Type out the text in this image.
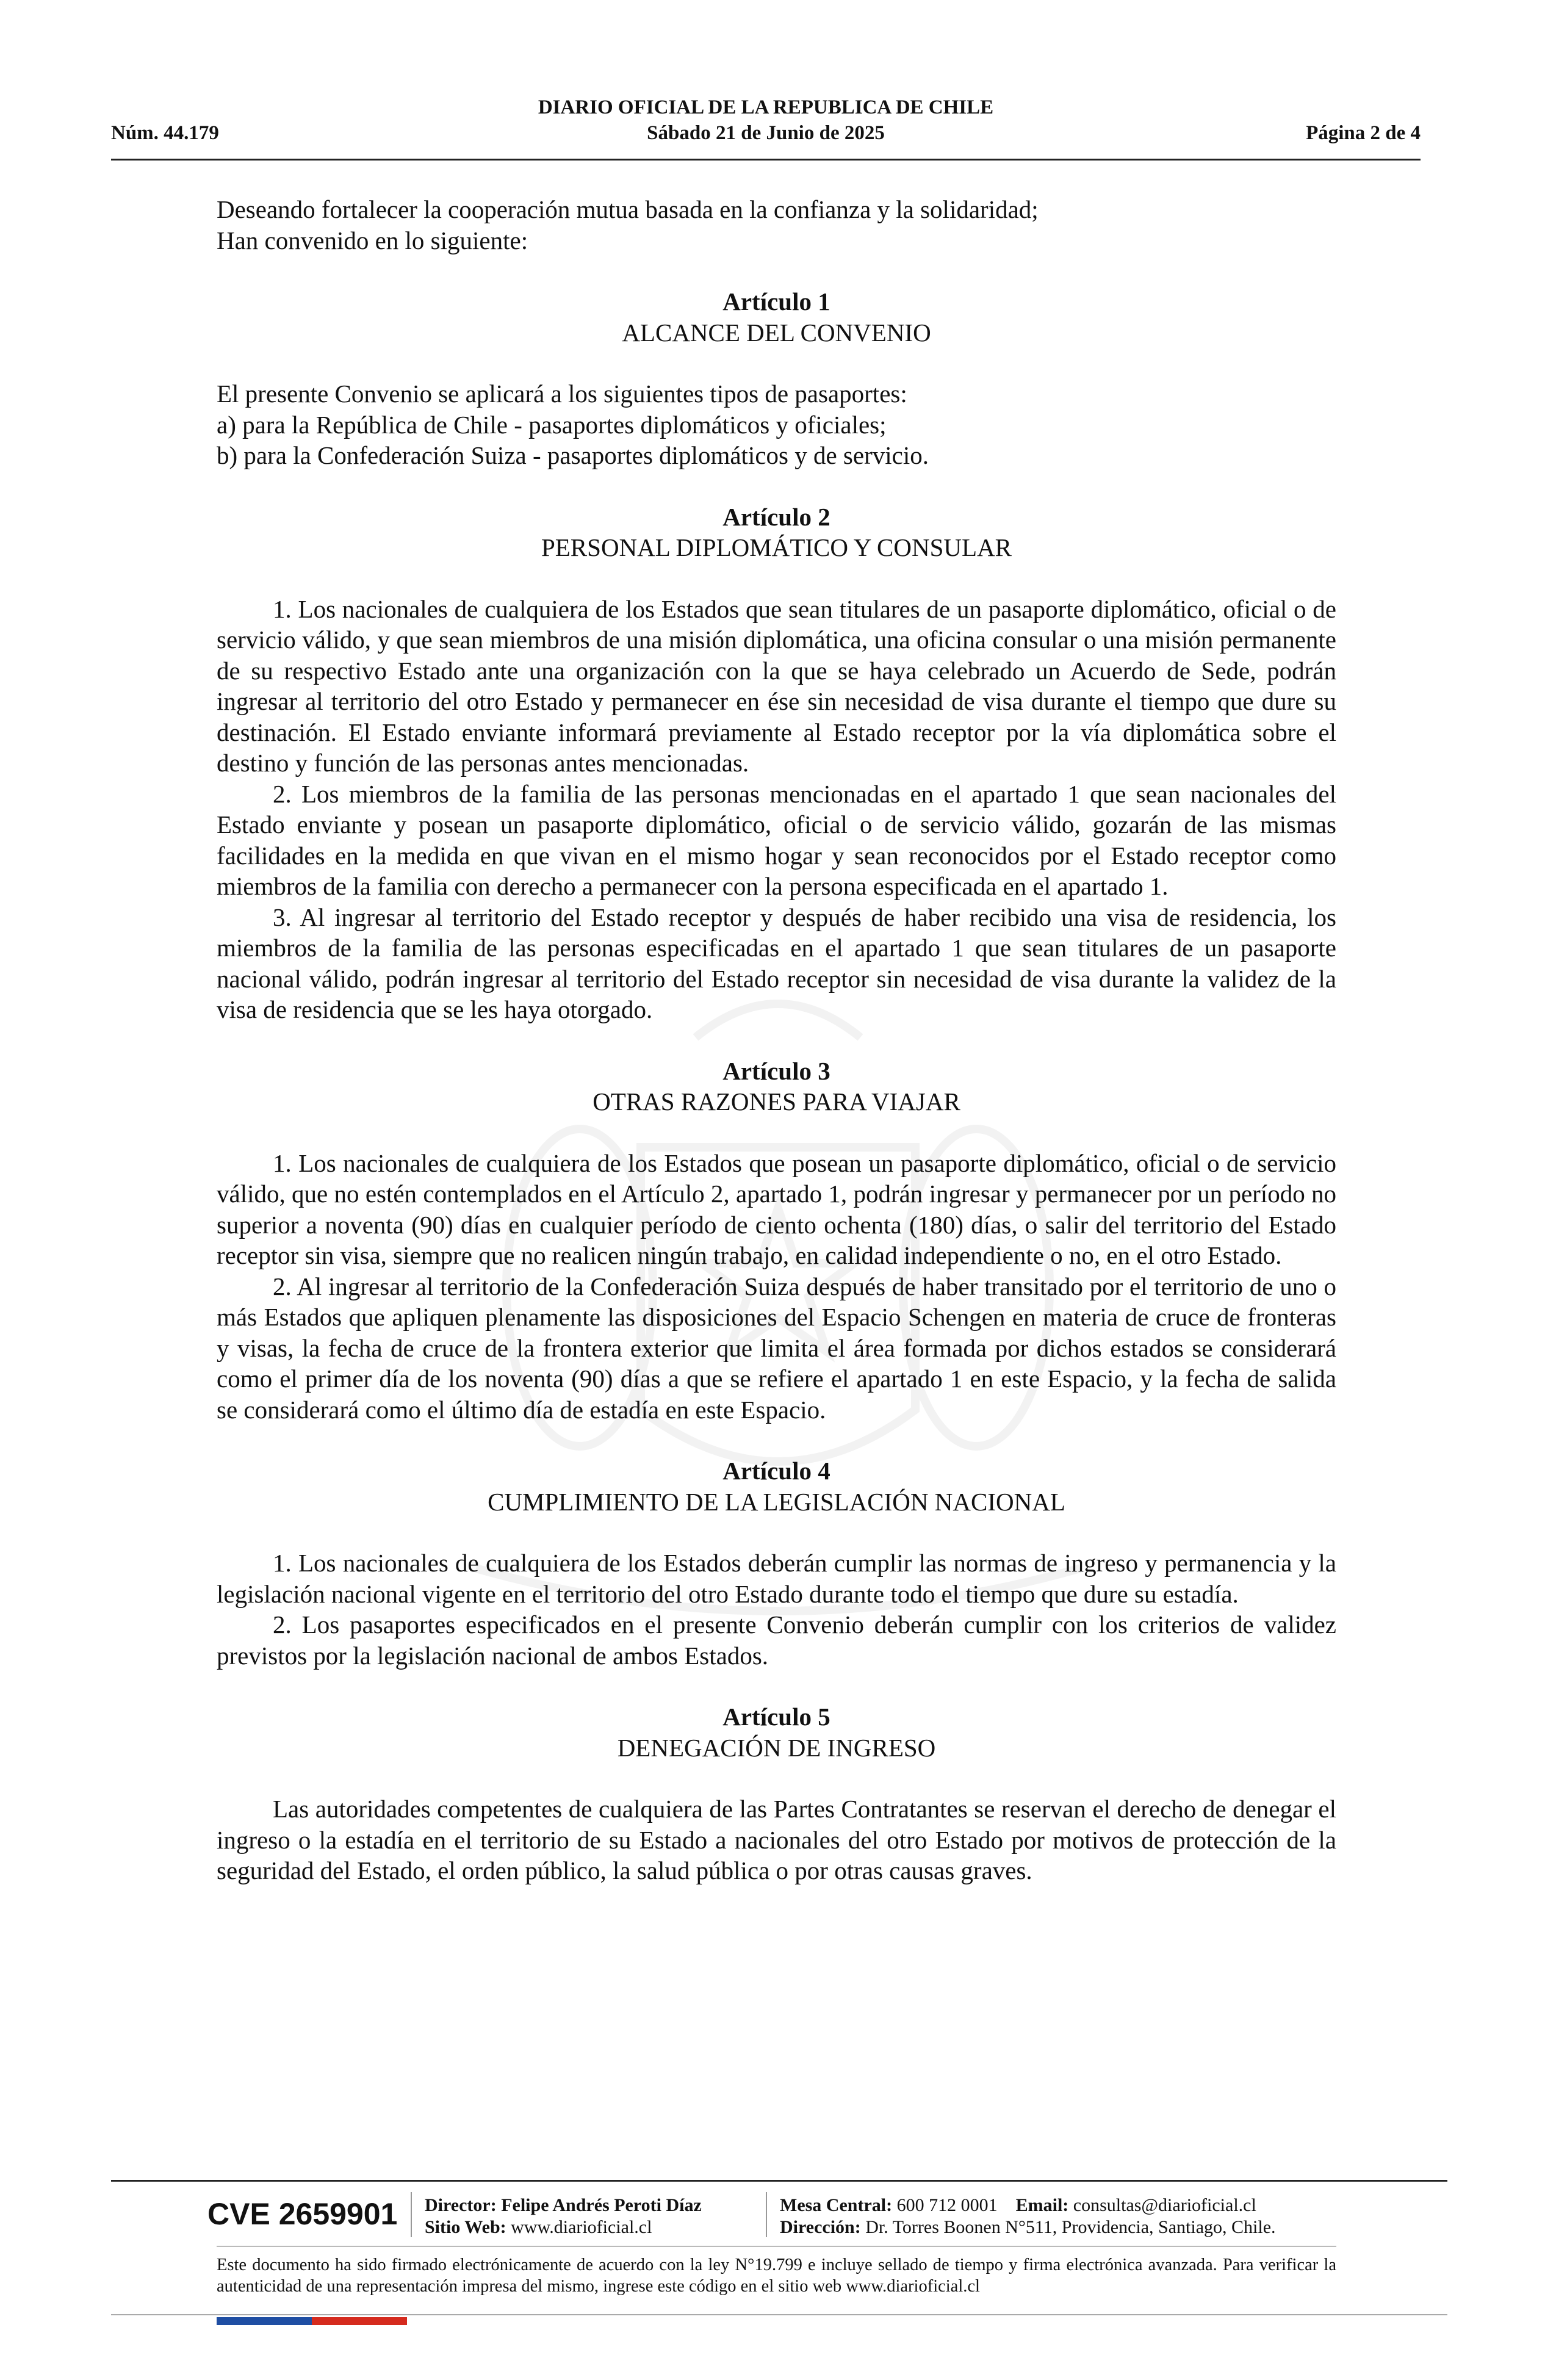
DIARIO OFICIAL DE LA REPUBLICA DE CHILE
Núm. 44.179	Sábado 21 de Junio de 2025	Página 2 de 4

Deseando fortalecer la cooperación mutua basada en la confianza y la solidaridad;

Han convenido en lo siguiente:

Artículo 1

ALCANCE DEL CONVENIO

El presente Convenio se aplicará a los siguientes tipos de pasaportes:

a) para la República de Chile - pasaportes diplomáticos y oficiales;

b) para la Confederación Suiza - pasaportes diplomáticos y de servicio.

Artículo 2

PERSONAL DIPLOMÁTICO Y CONSULAR

1. Los nacionales de cualquiera de los Estados que sean titulares de un pasaporte diplomático, oficial o de servicio válido, y que sean miembros de una misión diplomática, una oficina consular o una misión permanente de su respectivo Estado ante una organización con la que se haya celebrado un Acuerdo de Sede, podrán ingresar al territorio del otro Estado y permanecer en ése sin necesidad de visa durante el tiempo que dure su destinación. El Estado enviante informará previamente al Estado receptor por la vía diplomática sobre el destino y función de las personas antes mencionadas.

2. Los miembros de la familia de las personas mencionadas en el apartado 1 que sean nacionales del Estado enviante y posean un pasaporte diplomático, oficial o de servicio válido, gozarán de las mismas facilidades en la medida en que vivan en el mismo hogar y sean reconocidos por el Estado receptor como miembros de la familia con derecho a permanecer con la persona especificada en el apartado 1.

3. Al ingresar al territorio del Estado receptor y después de haber recibido una visa de residencia, los miembros de la familia de las personas especificadas en el apartado 1 que sean titulares de un pasaporte nacional válido, podrán ingresar al territorio del Estado receptor sin necesidad de visa durante la validez de la visa de residencia que se les haya otorgado.

Artículo 3

OTRAS RAZONES PARA VIAJAR

1. Los nacionales de cualquiera de los Estados que posean un pasaporte diplomático, oficial o de servicio válido, que no estén contemplados en el Artículo 2, apartado 1, podrán ingresar y permanecer por un período no superior a noventa (90) días en cualquier período de ciento ochenta (180) días, o salir del territorio del Estado receptor sin visa, siempre que no realicen ningún trabajo, en calidad independiente o no, en el otro Estado.

2. Al ingresar al territorio de la Confederación Suiza después de haber transitado por el territorio de uno o más Estados que apliquen plenamente las disposiciones del Espacio Schengen en materia de cruce de fronteras y visas, la fecha de cruce de la frontera exterior que limita el área formada por dichos estados se considerará como el primer día de los noventa (90) días a que se refiere el apartado 1 en este Espacio, y la fecha de salida se considerará como el último día de estadía en este Espacio.

Artículo 4

CUMPLIMIENTO DE LA LEGISLACIÓN NACIONAL

1. Los nacionales de cualquiera de los Estados deberán cumplir las normas de ingreso y permanencia y la legislación nacional vigente en el territorio del otro Estado durante todo el tiempo que dure su estadía.

2. Los pasaportes especificados en el presente Convenio deberán cumplir con los criterios de validez previstos por la legislación nacional de ambos Estados.

Artículo 5

DENEGACIÓN DE INGRESO

Las autoridades competentes de cualquiera de las Partes Contratantes se reservan el derecho de denegar el ingreso o la estadía en el territorio de su Estado a nacionales del otro Estado por motivos de protección de la seguridad del Estado, el orden público, la salud pública o por otras causas graves.

CVE 2659901 Director: Felipe Andrés Peroti Díaz
Sitio Web: www.diarioficial.cl
Mesa Central: 600 712 0001 Email: consultas@diarioficial.cl
Dirección: Dr. Torres Boonen N°511, Providencia, Santiago, Chile.
Este documento ha sido firmado electrónicamente de acuerdo con la ley N°19.799 e incluye sellado de tiempo y firma electrónica avanzada. Para verificar la autenticidad de una representación impresa del mismo, ingrese este código en el sitio web www.diarioficial.cl
